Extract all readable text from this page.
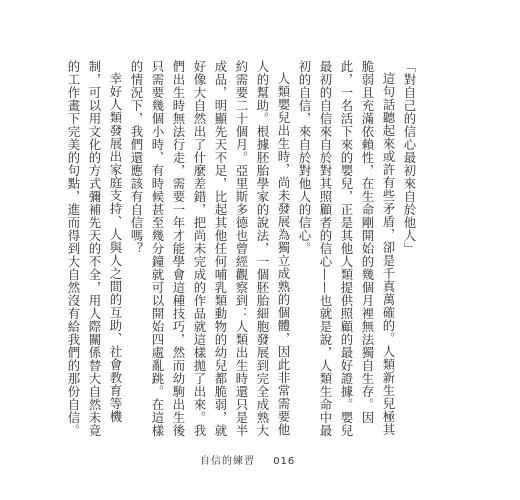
「對自己的信心最初來自於他人」

這句話聽起來或許有些矛盾，卻是千真萬確的。人類新生兒極其脆弱且充滿依賴性，在生命剛開始的幾個月裡無法獨自生存。因此，一名活下來的嬰兒，正是其他人類提供照顧的最好證據。嬰兒最初的自信來自於對其照顧者的信心——也就是說，人類生命中最初的自信，來自於對他人的信心。

人類嬰兒出生時，尚未發展為獨立成熟的個體，因此非常需要他人的幫助。根據胚胎學家的說法，一個胚胎細胞發展到完全成熟大約需要二十個月。亞里斯多德也曾經觀察到：人類出生時還只是半成品，明顯先天不足，比起其他任何哺乳類動物的幼兒都脆弱，就好像大自然出了什麼差錯，把尚未完成的作品就這樣拋了出來。我們出生時無法行走，需要一年才能學會這種技巧，然而幼駒出生後只需要幾個小時、有時候甚至幾分鐘就可以開始四處亂跳。在這樣的情況下，我們還應該有自信嗎？

幸好人類發展出家庭支持、人與人之間的互助、社會教育等機制，可以用文化的方式彌補先天的不全，用人際關係替大自然未竟的工作畫下完美的句點，進而得到大自然沒有給我們的那份自信。

自信的練習 016
